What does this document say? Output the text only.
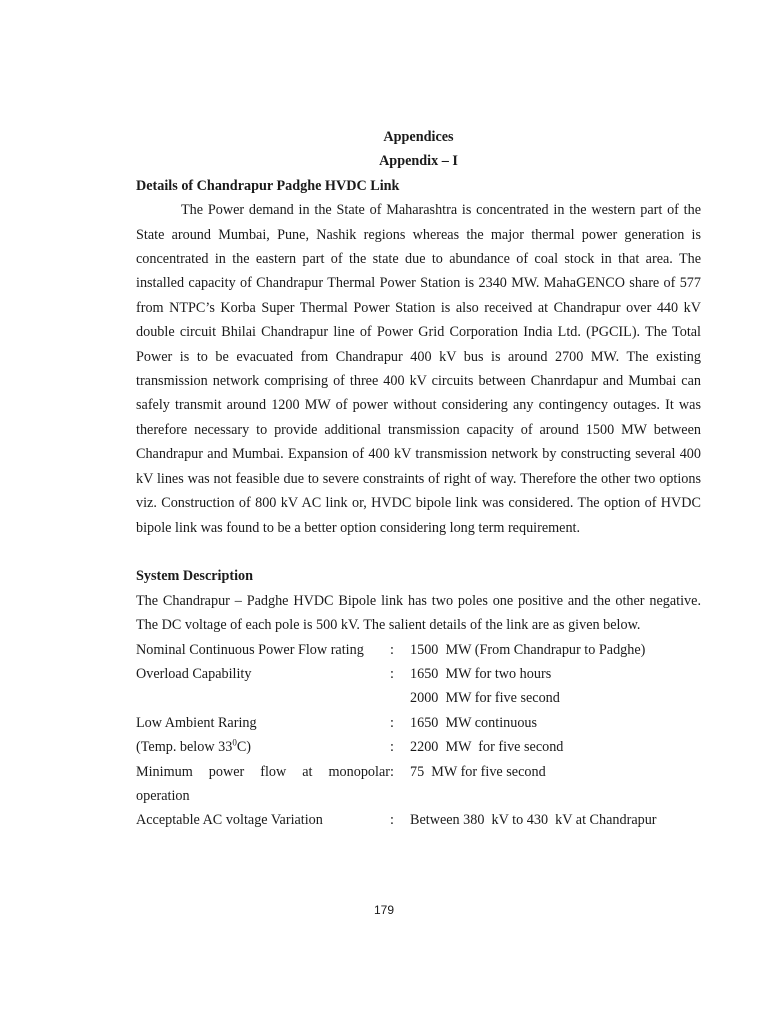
Appendices
Appendix – I
Details of Chandrapur Padghe HVDC Link
The Power demand in the State of Maharashtra is concentrated in the western part of the State around Mumbai, Pune, Nashik regions whereas the major thermal power generation is concentrated in the eastern part of the state due to abundance of coal stock in that area. The installed capacity of Chandrapur Thermal Power Station is 2340 MW. MahaGENCO share of 577 from NTPC’s Korba Super Thermal Power Station is also received at Chandrapur over 440 kV double circuit Bhilai Chandrapur line of Power Grid Corporation India Ltd. (PGCIL). The Total Power is to be evacuated from Chandrapur 400 kV bus is around 2700 MW. The existing transmission network comprising of three 400 kV circuits between Chanrdapur and Mumbai can safely transmit around 1200 MW of power without considering any contingency outages. It was therefore necessary to provide additional transmission capacity of around 1500 MW between Chandrapur and Mumbai. Expansion of 400 kV transmission network by constructing several 400 kV lines was not feasible due to severe constraints of right of way. Therefore the other two options viz. Construction of 800 kV AC link or, HVDC bipole link was considered. The option of HVDC bipole link was found to be a better option considering long term requirement.
System Description
The Chandrapur – Padghe HVDC Bipole link has two poles one positive and the other negative. The DC voltage of each pole is 500 kV. The salient details of the link are as given below.
Nominal Continuous Power Flow rating	:	1500  MW (From Chandrapur to Padghe)
Overload Capability	:	1650  MW for two hours
2000  MW for five second
Low Ambient Raring	:	1650  MW continuous
(Temp. below $33^0C$)	:	2200  MW  for five second
Minimum power flow at monopolar :	75  MW for five second
operation
Acceptable AC voltage Variation	:	Between 380  kV to 430  kV at Chandrapur
179
